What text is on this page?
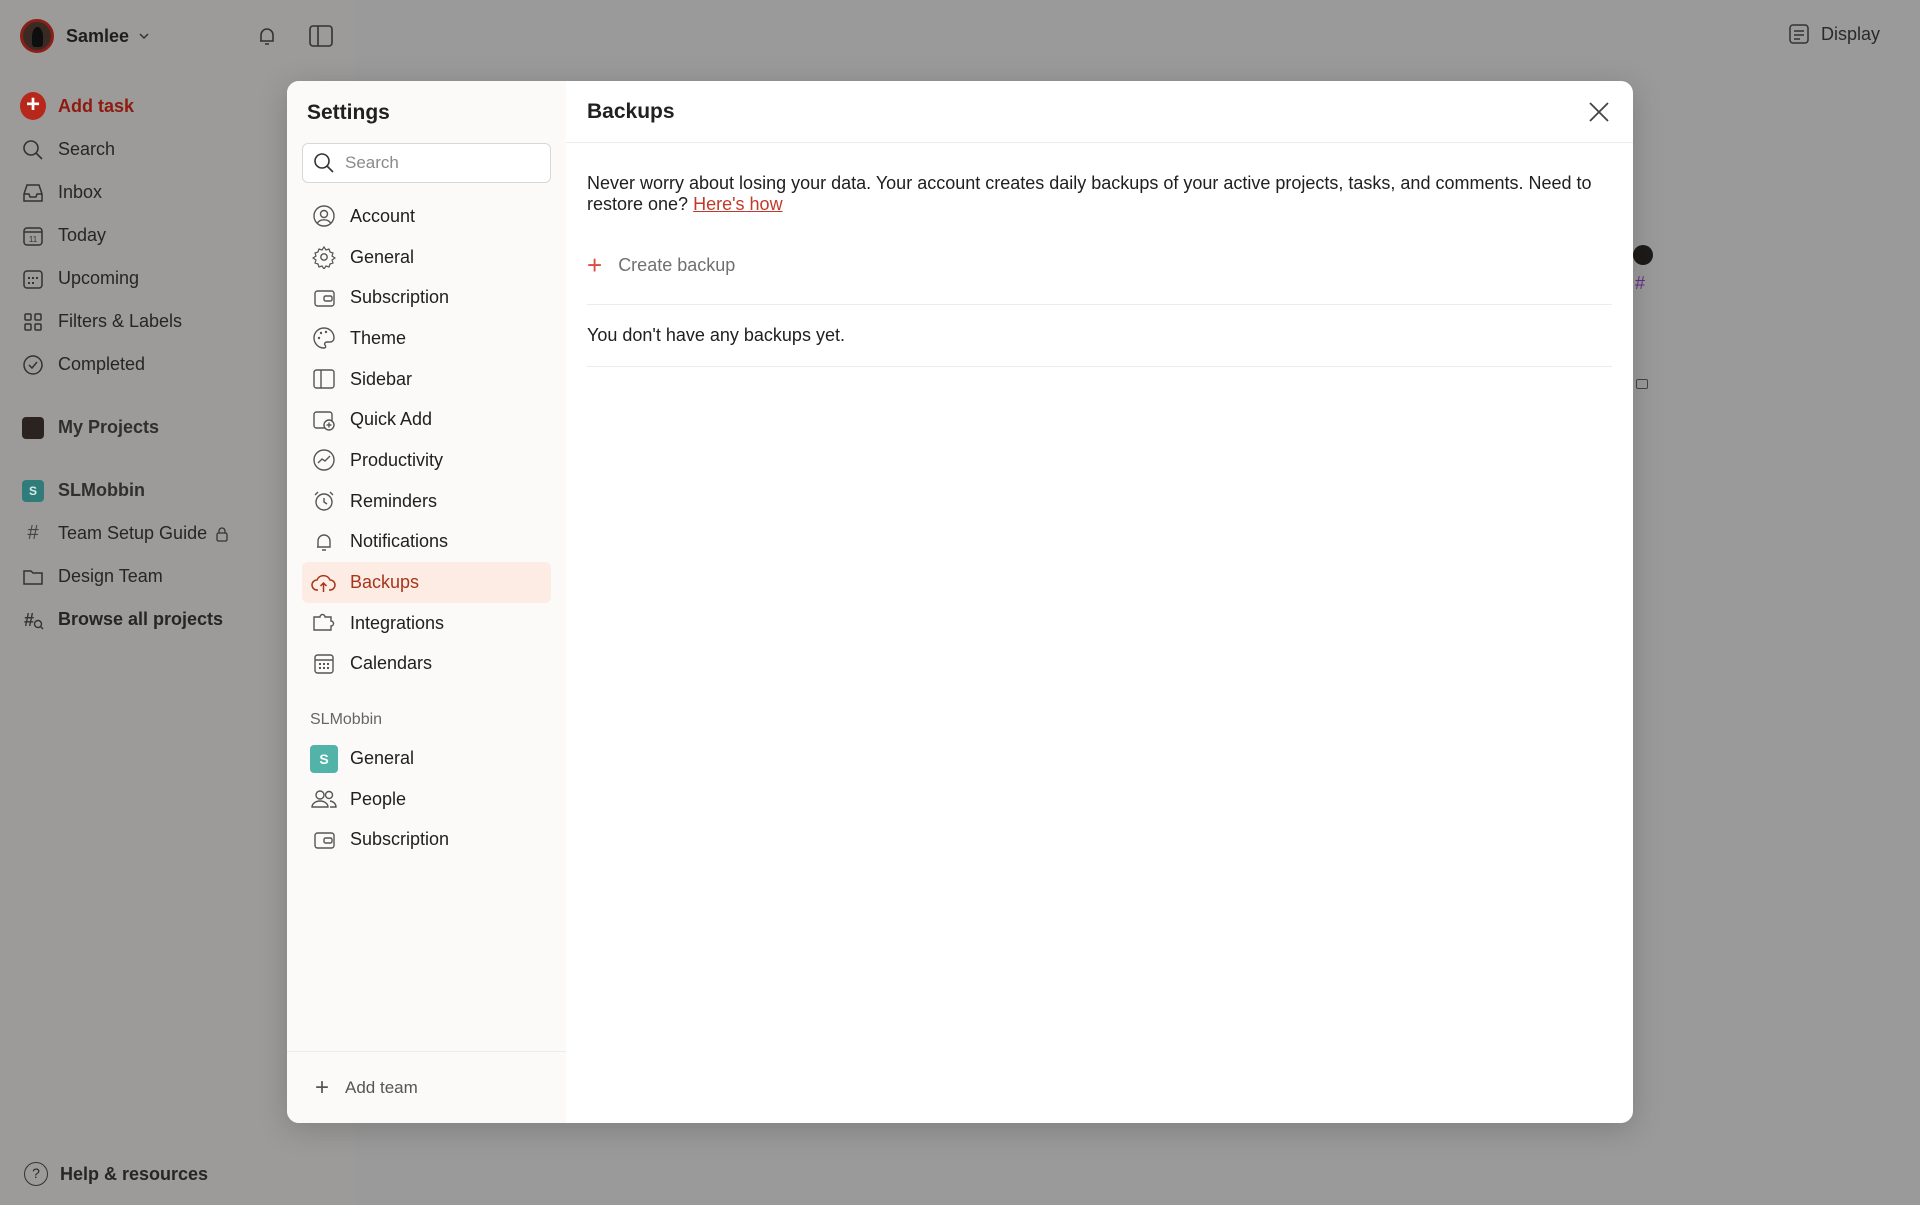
Samlee
+	Add task
Search
Inbox
11 Today
Upcoming
Filters & Labels
Completed
My Projects
S	SLMobbin
#	Team Setup Guide
Design Team
# Browse all projects
?	Help & resources
Display
#
Settings
Search
Account
General
Subscription
Theme
Sidebar
Quick Add
Productivity
Reminders
Notifications
Backups
Integrations
Calendars
SLMobbin
S	General
People
Subscription
+ Add team
Backups

Never worry about losing your data. Your account creates daily backups of your active projects, tasks, and comments. Need to restore one? Here's how

+ Create backup
You don't have any backups yet.
